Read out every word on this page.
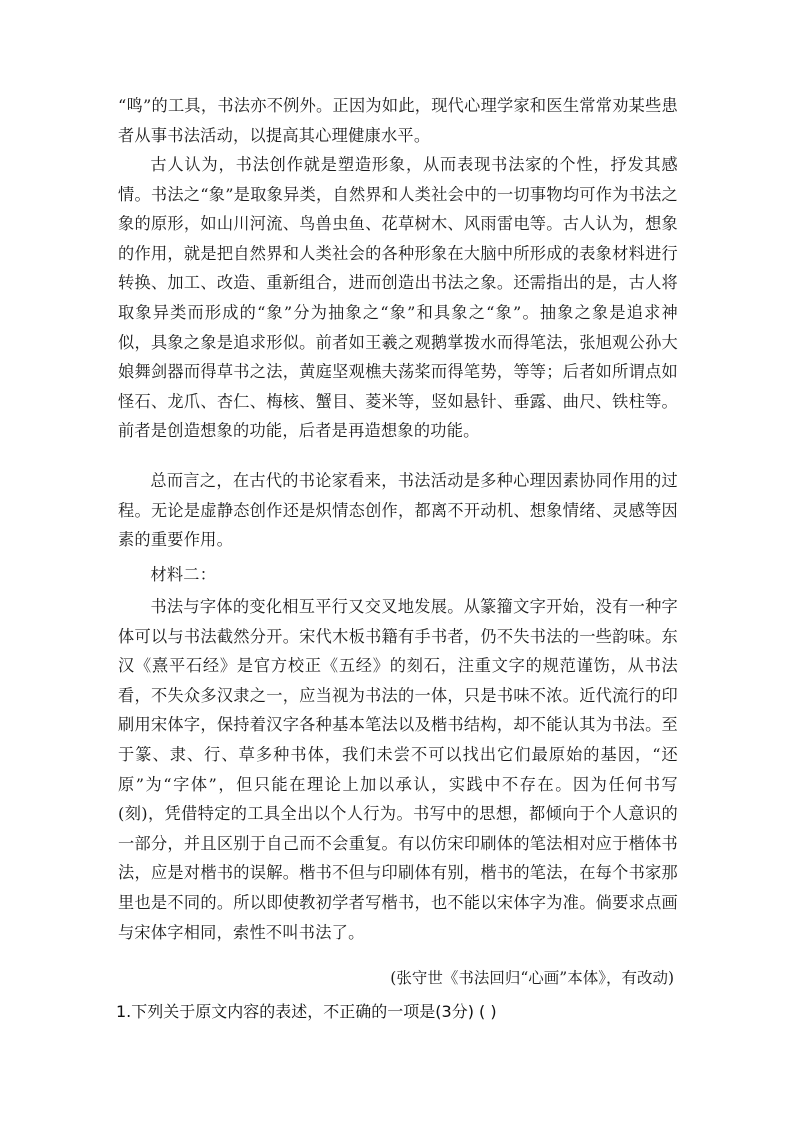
“鸣”的工具，书法亦不例外。正因为如此，现代心理学家和医生常常劝某些患者从事书法活动，以提高其心理健康水平。

古人认为，书法创作就是塑造形象，从而表现书法家的个性，抒发其感情。书法之“象”是取象异类，自然界和人类社会中的一切事物均可作为书法之象的原形，如山川河流、鸟兽虫鱼、花草树木、风雨雷电等。古人认为，想象的作用，就是把自然界和人类社会的各种形象在大脑中所形成的表象材料进行转换、加工、改造、重新组合，进而创造出书法之象。还需指出的是，古人将取象异类而形成的“象”分为抽象之“象”和具象之“象”。抽象之象是追求神似，具象之象是追求形似。前者如王羲之观鹅掌拨水而得笔法，张旭观公孙大娘舞剑器而得草书之法，黄庭坚观樵夫荡桨而得笔势，等等；后者如所谓点如怪石、龙爪、杏仁、梅核、蟹目、菱米等，竖如悬针、垂露、曲尺、铁柱等。前者是创造想象的功能，后者是再造想象的功能。

总而言之，在古代的书论家看来，书法活动是多种心理因素协同作用的过程。无论是虚静态创作还是炽情态创作，都离不开动机、想象情绪、灵感等因素的重要作用。

材料二：

书法与字体的变化相互平行又交叉地发展。从篆籀文字开始，没有一种字体可以与书法截然分开。宋代木板书籍有手书者，仍不失书法的一些韵味。东汉《熹平石经》是官方校正《五经》的刻石，注重文字的规范谨饬，从书法看，不失众多汉隶之一，应当视为书法的一体，只是书味不浓。近代流行的印刷用宋体字，保持着汉字各种基本笔法以及楷书结构，却不能认其为书法。至于篆、隶、行、草多种书体，我们未尝不可以找出它们最原始的基因，“还原”为“字体”，但只能在理论上加以承认，实践中不存在。因为任何书写(刻)，凭借特定的工具全出以个人行为。书写中的思想，都倾向于个人意识的一部分，并且区别于自己而不会重复。有以仿宋印刷体的笔法相对应于楷体书法，应是对楷书的误解。楷书不但与印刷体有别，楷书的笔法，在每个书家那里也是不同的。所以即使教初学者写楷书，也不能以宋体字为准。倘要求点画与宋体字相同，索性不叫书法了。

(张守世《书法回归“心画”本体》，有改动)
1.下列关于原文内容的表述，不正确的一项是(3分) ( )
